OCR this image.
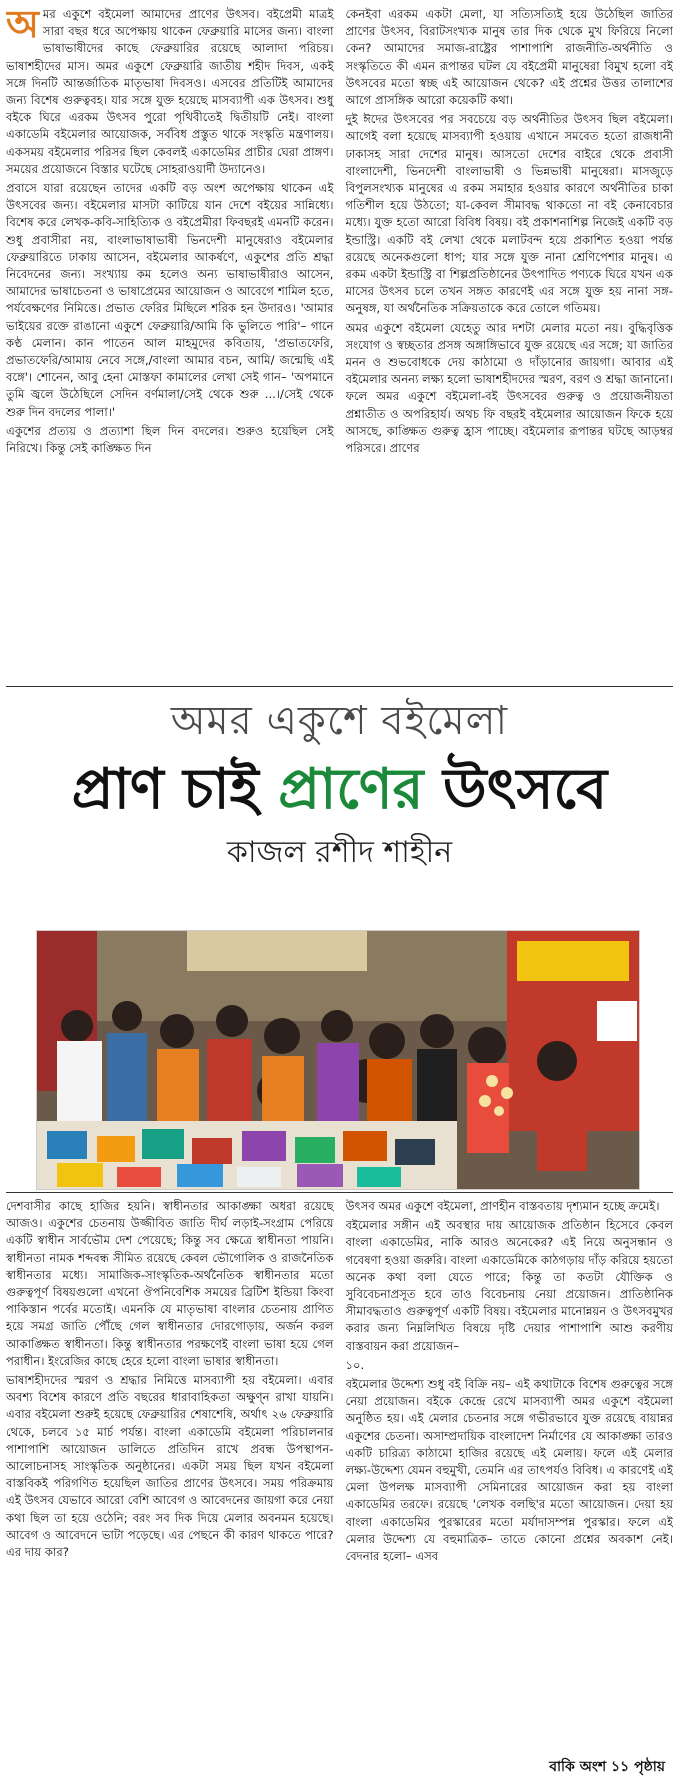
অমর একুশে বইমেলা আমাদের প্রাণের উৎসব। বইপ্রেমী মাত্রই সারা বছর ধরে অপেক্ষায় থাকেন ফেব্রুয়ারি মাসের জন্য। বাংলা ভাষাভাষীদের কাছে ফেব্রুয়ারির রয়েছে আলাদা পরিচয়। ভাষাশহীদের মাস। অমর একুশে ফেব্রুয়ারি জাতীয় শহীদ দিবস, একই সঙ্গে দিনটি আন্তর্জাতিক মাতৃভাষা দিবসও। এসবের প্রতিটিই আমাদের জন্য বিশেষ গুরুত্ববহ। যার সঙ্গে যুক্ত হয়েছে মাসব্যাপী এক উৎসব। শুধু বইকে ঘিরে এরকম উৎসব পুরো পৃথিবীতেই দ্বিতীয়টি নেই। বাংলা একাডেমি বইমেলার আয়োজক, সর্ববিধ প্রস্তুত থাকে সংস্কৃতি মন্ত্রণালয়। একসময় বইমেলার পরিসর ছিল কেবলই একাডেমির প্রাচীর ঘেরা প্রাঙ্গণ। সময়ের প্রয়োজনে বিস্তার ঘটেছে সোহরাওয়ার্দী উদ্যানেও।

প্রবাসে যারা রয়েছেন তাদের একটি বড় অংশ অপেক্ষায় থাকেন এই উৎসবের জন্য। বইমেলার মাসটা কাটিয়ে যান দেশে বইয়ের সান্নিধ্যে। বিশেষ করে লেখক-কবি-সাহিত্যিক ও বইপ্রেমীরা ফিবছরই এমনটি করেন। শুধু প্রবাসীরা নয়, বাংলাভাষাভাষী ভিনদেশী মানুষেরাও বইমেলার ফেব্রুয়ারিতে ঢাকায় আসেন, বইমেলার আকর্ষণে, একুশের প্রতি শ্রদ্ধা নিবেদনের জন্য। সংখ্যায় কম হলেও অন্য ভাষাভাষীরাও আসেন, আমাদের ভাষাচেতনা ও ভাষাপ্রেমের আয়োজন ও আবেগে শামিল হতে, পর্যবেক্ষণের নিমিত্তে। প্রভাত ফেরির মিছিলে শরিক হন উদারও। 'আমার ভাইয়ের রক্তে রাঙানো একুশে ফেব্রুয়ারি/আমি কি ভুলিতে পারি'– গানে কণ্ঠ মেলান। কান পাতেন আল মাহমুদের কবিতায়, 'প্রভাতফেরি, প্রভাতফেরি/আমায় নেবে সঙ্গে,/বাংলা আমার বচন, আমি/ জন্মেছি এই বঙ্গে'। শোনেন, আবু হেনা মোস্তফা কামালের লেখা সেই গান– 'অপমানে তুমি জ্বলে উঠেছিলে সেদিন বর্ণমালা/সেই থেকে শুরু ...।/সেই থেকে শুরু দিন বদলের পালা।'

একুশের প্রত্যয় ও প্রত্যাশা ছিল দিন বদলের। শুরুও হয়েছিল সেই নিরিখে। কিন্তু সেই কাঙ্ক্ষিত দিন

কেনইবা এরকম একটা মেলা, যা সত্যিসত্যিই হয়ে উঠেছিল জাতির প্রাণের উৎসব, বিরাটসংখ্যক মানুষ তার দিক থেকে মুখ ফিরিয়ে নিলো কেন? আমাদের সমাজ-রাষ্ট্রের পাশাপাশি রাজনীতি-অর্থনীতি ও সংস্কৃতিতে কী এমন রূপান্তর ঘটল যে বইপ্রেমী মানুষেরা বিমুখ হলো বই উৎসবের মতো স্বচ্ছ এই আয়োজন থেকে? এই প্রশ্নের উত্তর তালাশের আগে প্রাসঙ্গিক আরো কয়েকটি কথা।

দুই ঈদের উৎসবের পর সবচেয়ে বড় অর্থনীতির উৎসব ছিল বইমেলা। আগেই বলা হয়েছে মাসব্যাপী হওয়ায় এখানে সমবেত হতো রাজধানী ঢাকাসহ সারা দেশের মানুষ। আসতো দেশের বাইরে থেকে প্রবাসী বাংলাদেশী, ভিনদেশী বাংলাভাষী ও ভিন্নভাষী মানুষেরা। মাসজুড়ে বিপুলসংখ্যক মানুষের এ রকম সমাহার হওয়ার কারণে অর্থনীতির চাকা গতিশীল হয়ে উঠতো; যা-কেবল সীমাবদ্ধ থাকতো না বই কেনাবেচার মধ্যে। যুক্ত হতো আরো বিবিধ বিষয়। বই প্রকাশনাশিল্প নিজেই একটি বড় ইন্ডাস্ট্রি। একটি বই লেখা থেকে মলাটবন্দ হয়ে প্রকাশিত হওয়া পর্যন্ত রয়েছে অনেকগুলো ধাপ; যার সঙ্গে যুক্ত নানা শ্রেণিপেশার মানুষ। এ রকম একটা ইন্ডাস্ট্রি বা শিল্পপ্রতিষ্ঠানের উৎপাদিত পণ্যকে ঘিরে যখন এক মাসের উৎসব চলে তখন সঙ্গত কারণেই এর সঙ্গে যুক্ত হয় নানা সঙ্গ-অনুষঙ্গ, যা অর্থনৈতিক সক্রিয়তাকে করে তোলে গতিময়।

অমর একুশে বইমেলা যেহেতু আর দশটা মেলার মতো নয়। বুদ্ধিবৃত্তিক সংযোগ ও স্বচ্ছতার প্রসঙ্গ অঙ্গাঙ্গিভাবে যুক্ত রয়েছে এর সঙ্গে; যা জাতির মনন ও শুভবোধকে দেয় কাঠামো ও দাঁড়ানোর জায়গা। আবার এই বইমেলার অনন্য লক্ষ্য হলো ভাষাশহীদদের স্মরণ, বরণ ও শ্রদ্ধা জানানো। ফলে অমর একুশে বইমেলা-বই উৎসবের গুরুত্ব ও প্রয়োজনীয়তা প্রশ্নাতীত ও অপরিহার্য। অথচ ফি বছরই বইমেলার আয়োজন ফিকে হয়ে আসছে, কাঙ্ক্ষিত গুরুত্ব হ্রাস পাচ্ছে। বইমেলার রূপান্তর ঘটছে আড়ম্বর পরিসরে। প্রাণের

অমর একুশে বইমেলা
প্রাণ চাই প্রাণের উৎসবে
কাজল রশীদ শাহীন

দেশবাসীর কাছে হাজির হয়নি। স্বাধীনতার আকাঙ্ক্ষা অধরা রয়েছে আজও। একুশের চেতনায় উজ্জীবিত জাতি দীর্ঘ লড়াই-সংগ্রাম পেরিয়ে একটি স্বাধীন সার্বভৌম দেশ পেয়েছে; কিন্তু সব ক্ষেত্রে স্বাধীনতা পায়নি। স্বাধীনতা নামক শব্দবন্ধ সীমিত রয়েছে কেবল ভৌগোলিক ও রাজনৈতিক স্বাধীনতার মধ্যে। সামাজিক-সাংস্কৃতিক-অর্থনৈতিক স্বাধীনতার মতো গুরুত্বপূর্ণ বিষয়গুলো এখনো ঔপনিবেশিক সময়ের ব্রিটিশ ইন্ডিয়া কিংবা পাকিস্তান পর্বের মতোই। এমনকি যে মাতৃভাষা বাংলার চেতনায় প্রাণিত হয়ে সমগ্র জাতি পৌঁছে গেল স্বাধীনতার দোরগোড়ায়, অর্জন করল আকাঙ্ক্ষিত স্বাধীনতা। কিন্তু স্বাধীনতার পরক্ষণেই বাংলা ভাষা হয়ে গেল পরাধীন। ইংরেজির কাছে হেরে হলো বাংলা ভাষার স্বাধীনতা।

ভাষাশহীদদের স্মরণ ও শ্রদ্ধার নিমিত্তে মাসব্যাপী হয় বইমেলা। এবার অবশ্য বিশেষ কারণে প্রতি বছরের ধারাবাহিকতা অক্ষুণ্ন রাখা যায়নি। এবার বইমেলা শুরুই হয়েছে ফেব্রুয়ারির শেষাশেষি, অর্থাৎ ২৬ ফেব্রুয়ারি থেকে, চলবে ১৫ মার্চ পর্যন্ত। বাংলা একাডেমি বইমেলা পরিচালনার পাশাপাশি আয়োজন ডালিতে প্রতিদিন রাখে প্রবন্ধ উপস্থাপন-আলোচনাসহ সাংস্কৃতিক অনুষ্ঠানের। একটা সময় ছিল যখন বইমেলা বাস্তবিকই পরিগণিত হয়েছিল জাতির প্রাণের উৎসবে। সময় পরিক্রমায় এই উৎসব যেভাবে আরো বেশি আবেগ ও আবেদনের জায়গা করে নেয়া কথা ছিল তা হয়ে ওঠেনি; বরং সব দিক দিয়ে মেলার অবনমন হয়েছে। আবেগ ও আবেদনে ভাটা পড়েছে। এর পেছনে কী কারণ থাকতে পারে? এর দায় কার?

উৎসব অমর একুশে বইমেলা, প্রাণহীন বাস্তবতায় দৃশ্যমান হচ্ছে ক্রমেই।

বইমেলার সঙ্গীন এই অবস্থার দায় আয়োজক প্রতিষ্ঠান হিসেবে কেবল বাংলা একাডেমির, নাকি আরও অনেকের? এই নিয়ে অনুসন্ধান ও গবেষণা হওয়া জরুরি। বাংলা একাডেমিকে কাঠগড়ায় দাঁড় করিয়ে হয়তো অনেক কথা বলা যেতে পারে; কিন্তু তা কতটা যৌক্তিক ও সুবিবেচনাপ্রসূত হবে তাও বিবেচনায় নেয়া প্রয়োজন। প্রাতিষ্ঠানিক সীমাবদ্ধতাও গুরুত্বপূর্ণ একটি বিষয়। বইমেলার মানোন্নয়ন ও উৎসবমুখর করার জন্য নিম্নলিখিত বিষয়ে দৃষ্টি দেয়ার পাশাপাশি আশু করণীয় বাস্তবায়ন করা প্রয়োজন–

১০.

বইমেলার উদ্দেশ্য শুধু বই বিক্রি নয়– এই কথাটাকে বিশেষ গুরুত্বের সঙ্গে নেয়া প্রয়োজন। বইকে কেন্দ্রে রেখে মাসব্যাপী অমর একুশে বইমেলা অনুষ্ঠিত হয়। এই মেলার চেতনার সঙ্গে গভীরভাবে যুক্ত রয়েছে বায়ান্নর একুশের চেতনা। অসাম্প্রদায়িক বাংলাদেশ নির্মাণের যে আকাঙ্ক্ষা তারও একটি চারিত্র্য কাঠামো হাজির রয়েছে এই মেলায়। ফলে এই মেলার লক্ষ্য-উদ্দেশ্য যেমন বহুমুখী, তেমনি এর তাৎপর্যও বিবিধ। এ কারণেই এই মেলা উপলক্ষ মাসব্যাপী সেমিনারের আয়োজন করা হয় বাংলা একাডেমির তরফে। রয়েছে 'লেখক বলছি'র মতো আয়োজন। দেয়া হয় বাংলা একাডেমির পুরস্কারের মতো মর্যাদাসম্পন্ন পুরস্কার। ফলে এই মেলার উদ্দেশ্য যে বহুমাত্রিক– তাতে কোনো প্রশ্নের অবকাশ নেই। বেদনার হলো– এসব

বাকি অংশ ১১ পৃষ্ঠায়
